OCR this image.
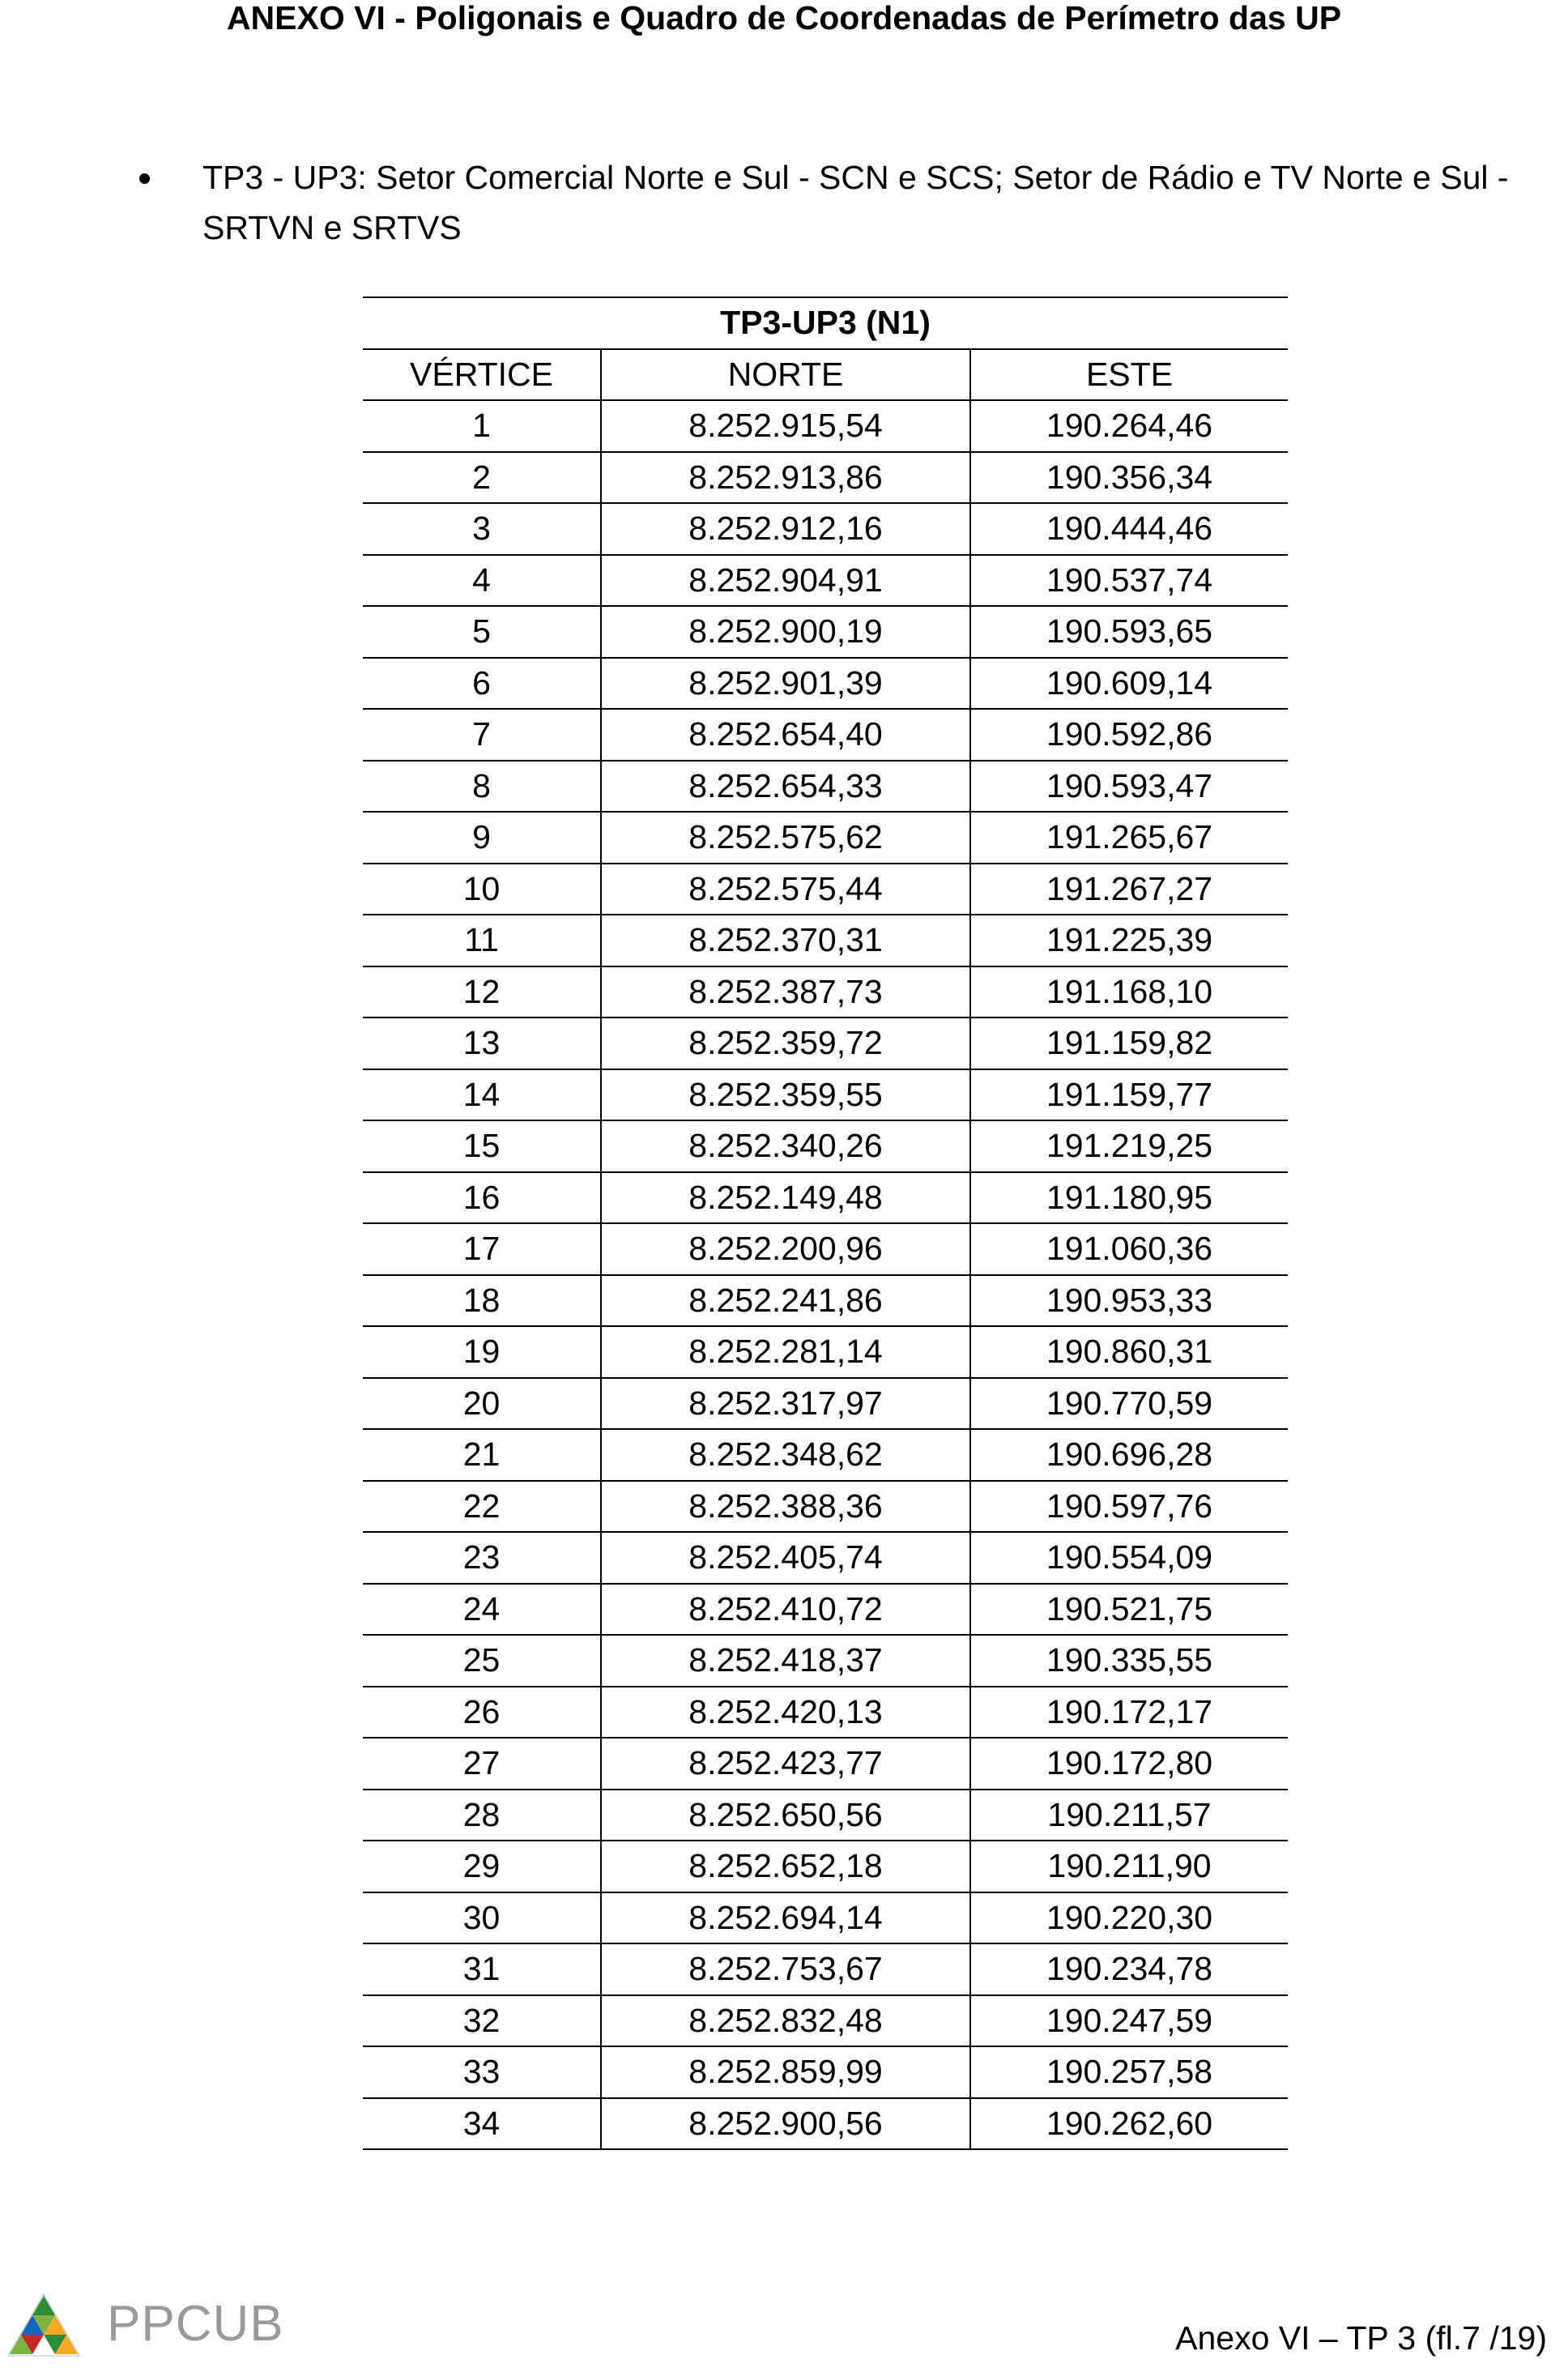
ANEXO VI - Poligonais e Quadro de Coordenadas de Perímetro das UP
TP3 - UP3: Setor Comercial Norte e Sul - SCN e SCS; Setor de Rádio e TV Norte e Sul - SRTVN e SRTVS
TP3-UP3 (N1)		
VÉRTICE	NORTE	ESTE
1	8.252.915,54	190.264,46
2	8.252.913,86	190.356,34
3	8.252.912,16	190.444,46
4	8.252.904,91	190.537,74
5	8.252.900,19	190.593,65
6	8.252.901,39	190.609,14
7	8.252.654,40	190.592,86
8	8.252.654,33	190.593,47
9	8.252.575,62	191.265,67
10	8.252.575,44	191.267,27
11	8.252.370,31	191.225,39
12	8.252.387,73	191.168,10
13	8.252.359,72	191.159,82
14	8.252.359,55	191.159,77
15	8.252.340,26	191.219,25
16	8.252.149,48	191.180,95
17	8.252.200,96	191.060,36
18	8.252.241,86	190.953,33
19	8.252.281,14	190.860,31
20	8.252.317,97	190.770,59
21	8.252.348,62	190.696,28
22	8.252.388,36	190.597,76
23	8.252.405,74	190.554,09
24	8.252.410,72	190.521,75
25	8.252.418,37	190.335,55
26	8.252.420,13	190.172,17
27	8.252.423,77	190.172,80
28	8.252.650,56	190.211,57
29	8.252.652,18	190.211,90
30	8.252.694,14	190.220,30
31	8.252.753,67	190.234,78
32	8.252.832,48	190.247,59
33	8.252.859,99	190.257,58
34	8.252.900,56	190.262,60
PPCUB	Anexo VI – TP 3 (fl.7 /19)
